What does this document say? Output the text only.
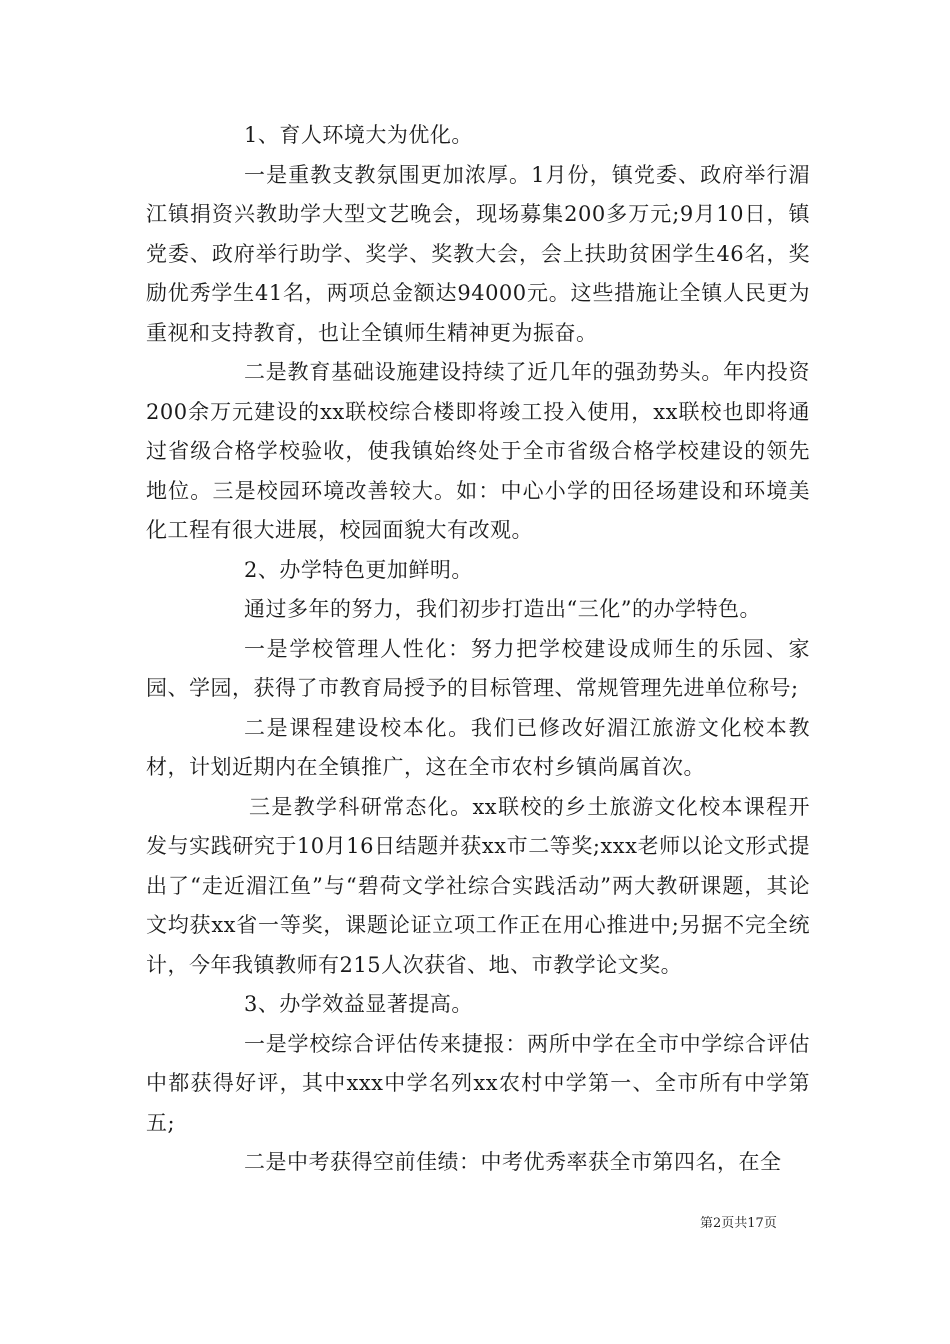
1、育人环境大为优化。

一是重教支教氛围更加浓厚。1月份，镇党委、政府举行湄江镇捐资兴教助学大型文艺晚会，现场募集200多万元;9月10日，镇党委、政府举行助学、奖学、奖教大会，会上扶助贫困学生46名，奖励优秀学生41名，两项总金额达94000元。这些措施让全镇人民更为重视和支持教育，也让全镇师生精神更为振奋。

二是教育基础设施建设持续了近几年的强劲势头。年内投资200余万元建设的xx联校综合楼即将竣工投入使用，xx联校也即将通过省级合格学校验收，使我镇始终处于全市省级合格学校建设的领先地位。三是校园环境改善较大。如：中心小学的田径场建设和环境美化工程有很大进展，校园面貌大有改观。

2、办学特色更加鲜明。

通过多年的努力，我们初步打造出“三化”的办学特色。

一是学校管理人性化：努力把学校建设成师生的乐园、家园、学园，获得了市教育局授予的目标管理、常规管理先进单位称号;

二是课程建设校本化。我们已修改好湄江旅游文化校本教材，计划近期内在全镇推广，这在全市农村乡镇尚属首次。

三是教学科研常态化。xx联校的乡土旅游文化校本课程开发与实践研究于10月16日结题并获xx市二等奖;xxx老师以论文形式提出了“走近湄江鱼”与“碧荷文学社综合实践活动”两大教研课题，其论文均获xx省一等奖，课题论证立项工作正在用心推进中;另据不完全统计，今年我镇教师有215人次获省、地、市教学论文奖。

3、办学效益显著提高。

一是学校综合评估传来捷报：两所中学在全市中学综合评估中都获得好评，其中xxx中学名列xx农村中学第一、全市所有中学第五;

二是中考获得空前佳绩：中考优秀率获全市第四名，在全

第2页共17页
